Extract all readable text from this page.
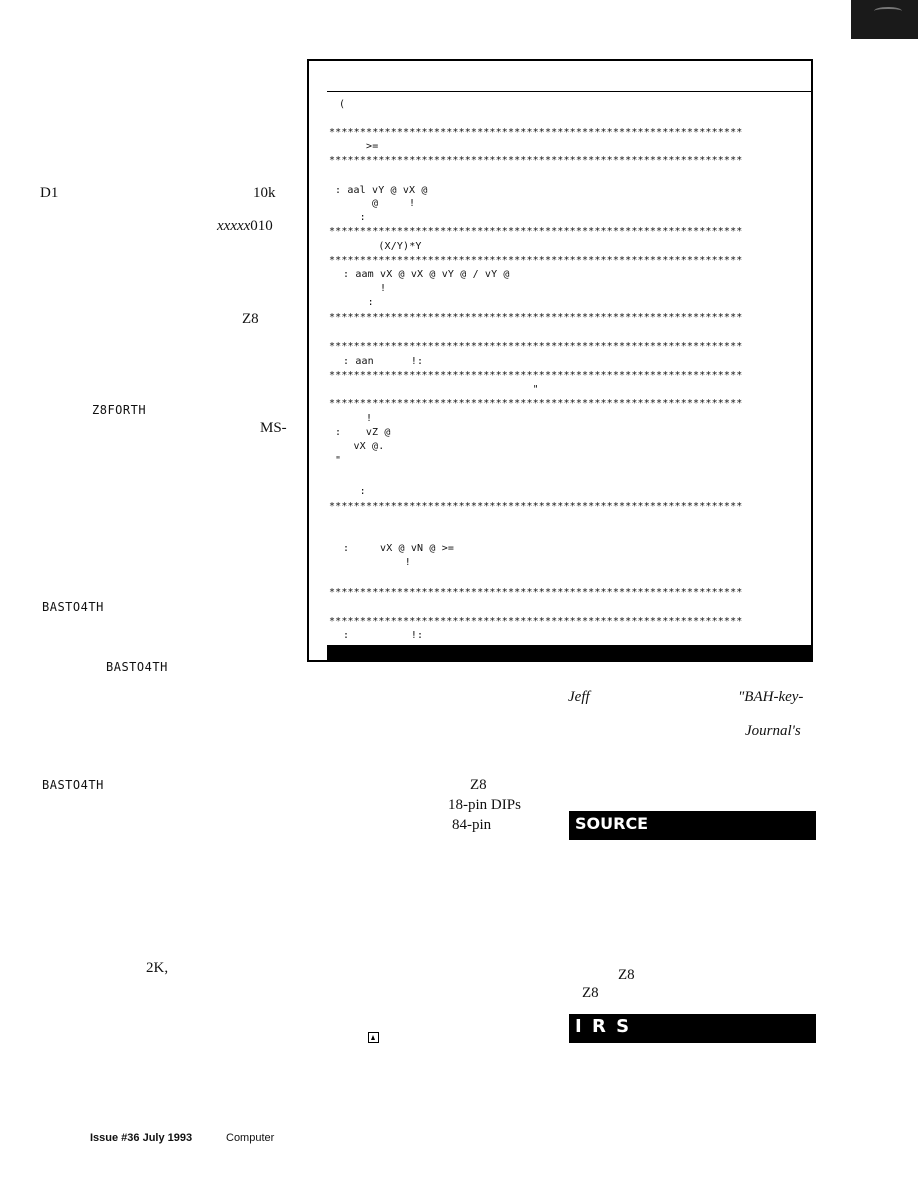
D1	10k
xxxxx010
Z8
Z8FORTH
MS-
BASTO4TH
BASTO4TH
BASTO4TH
2K,
(
*******************************************************************
>=
*******************************************************************
: aal vY @ vX @
@     !
:
*******************************************************************
(X/Y)*Y
*******************************************************************
: aam vX @ vX @ vY @ / vY @
!
:
*******************************************************************
*******************************************************************
: aan      !:
*******************************************************************
"
*******************************************************************
!
:    vZ @
vX @.
"
:
*******************************************************************
:     vX @ vN @ >=
!
*******************************************************************
*******************************************************************
:          !:
Z8
18-pin DIPs
84-pin
Jeff	"BAH-key-
Journal's
SOURCE
Z8
Z8
I R S
Issue #36 July 1993	Computer
